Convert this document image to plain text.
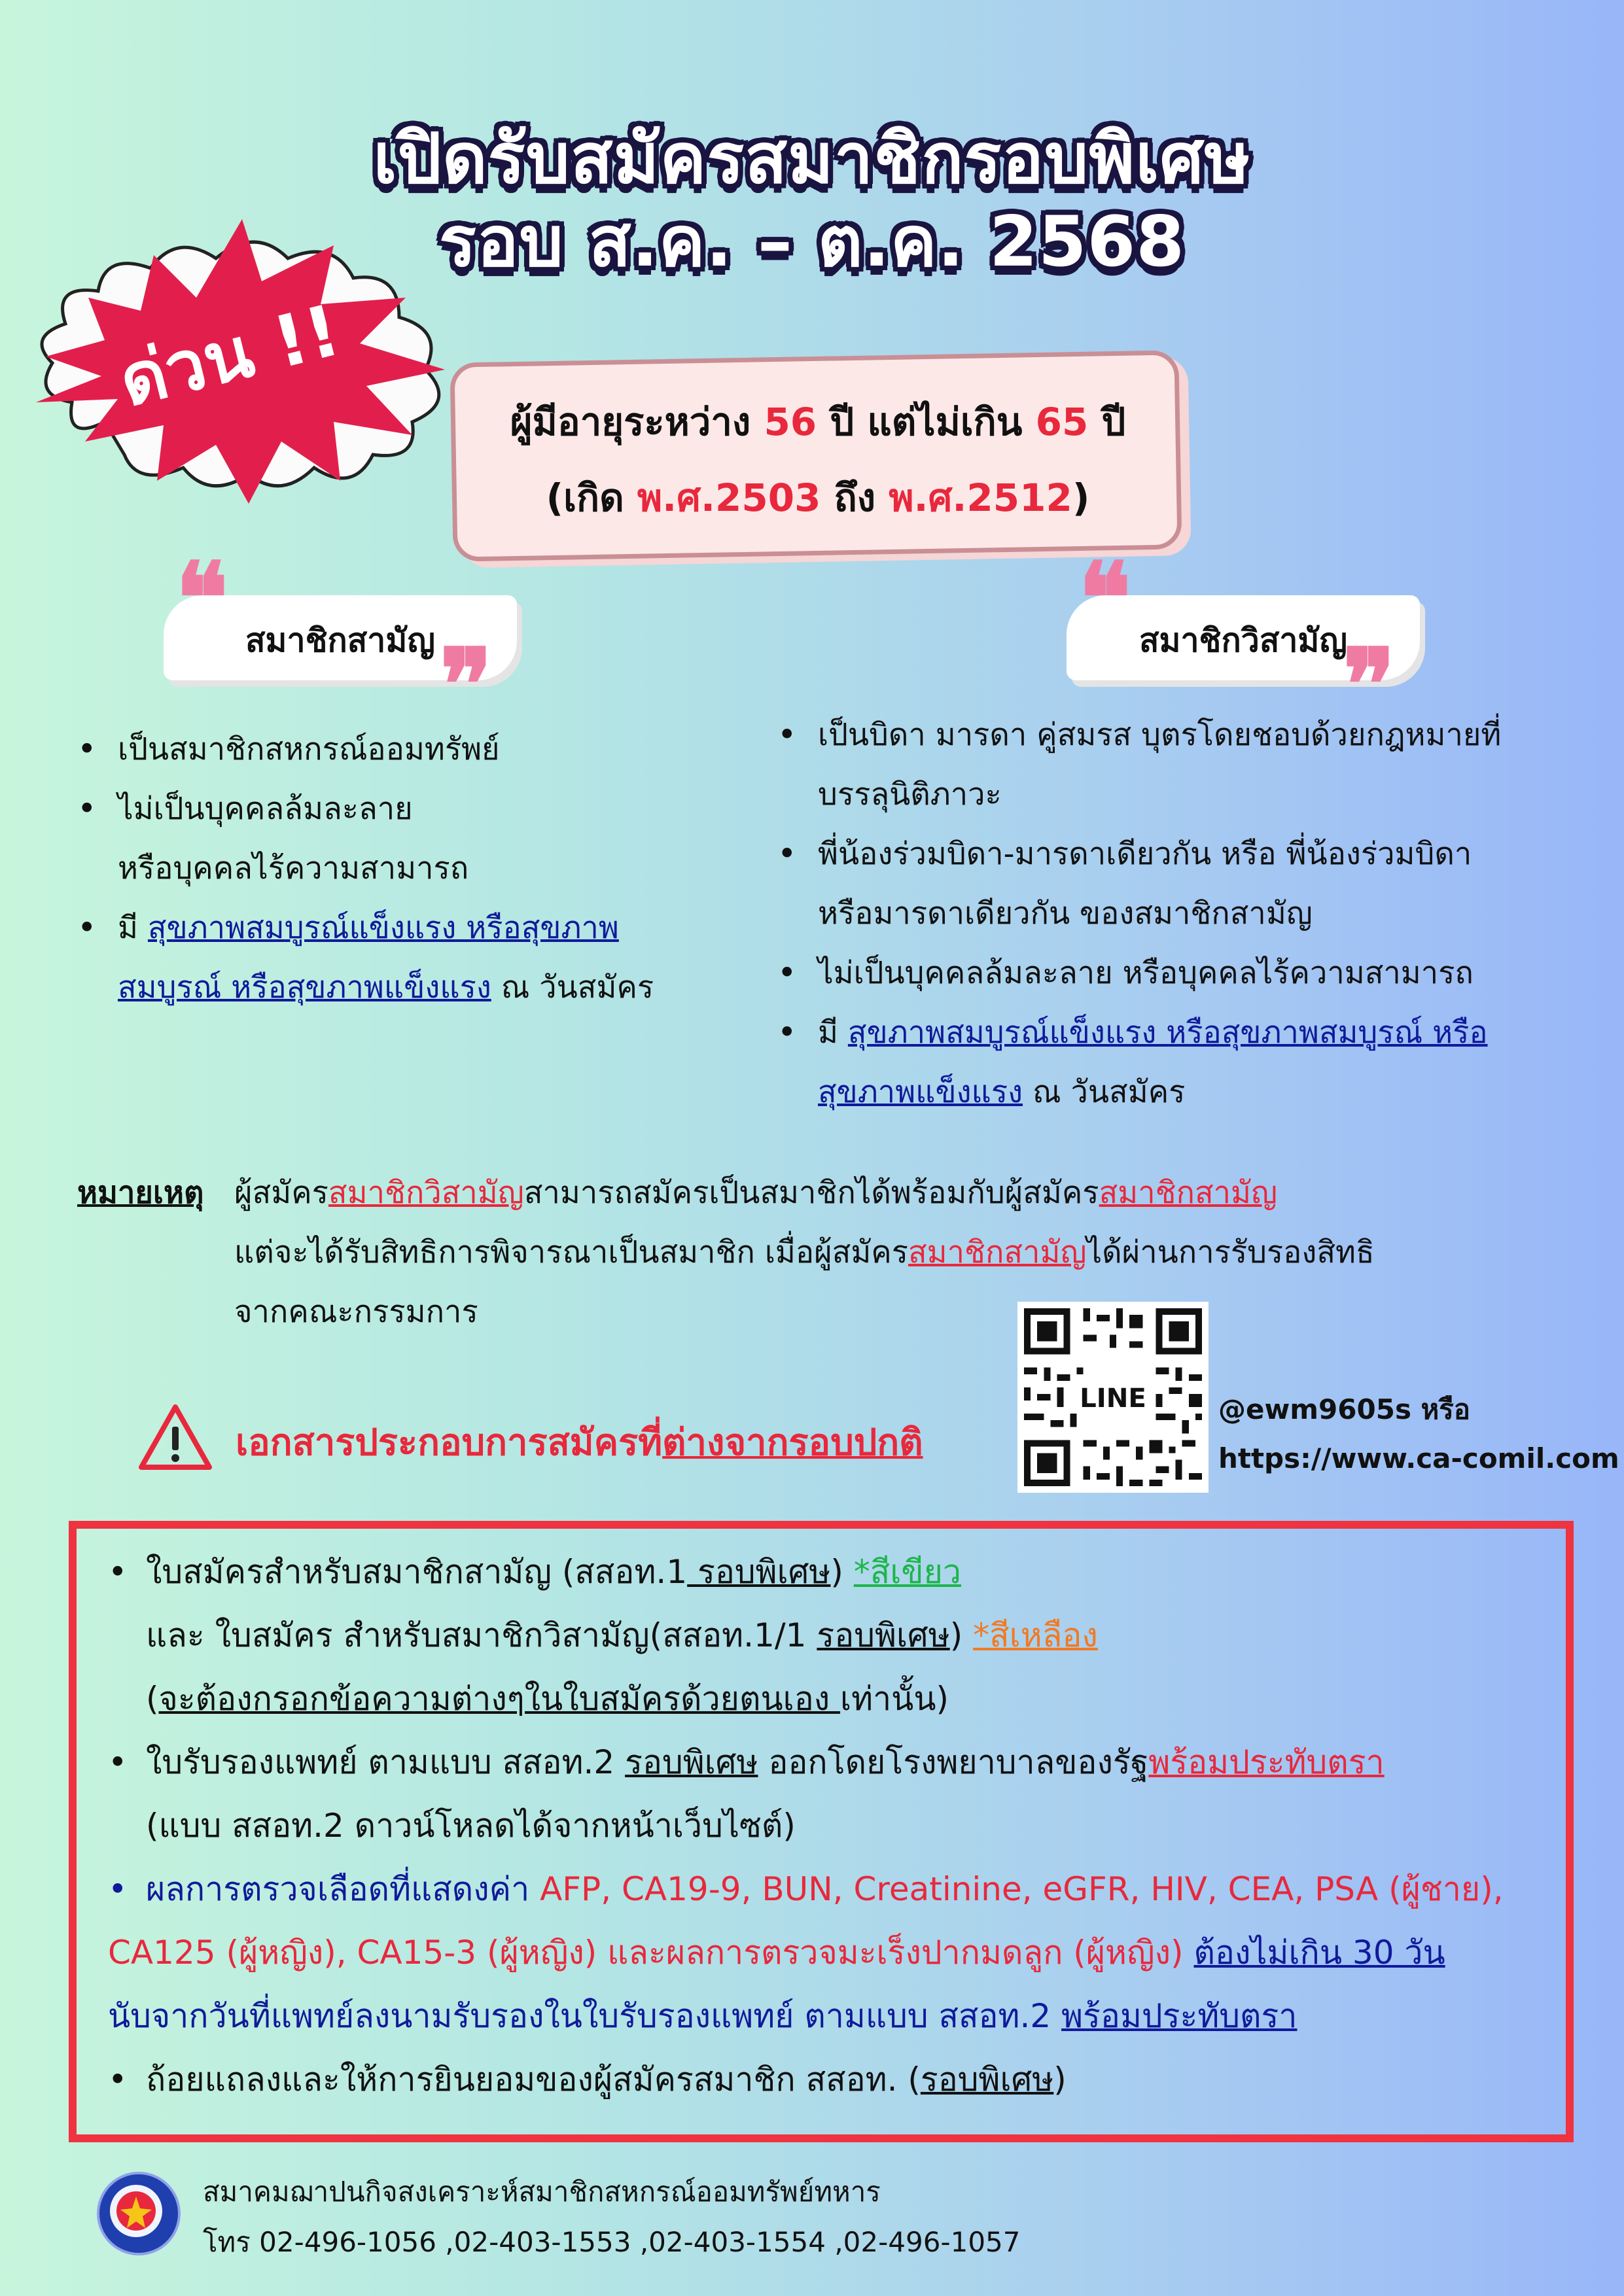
เปิดรับสมัครสมาชิกรอบพิเศษ
รอบ ส.ค. – ต.ค. 2568
ด่วน !!	ผู้มีอายุระหว่าง 56 ปี แต่ไม่เกิน 65 ปี
(เกิด พ.ศ.2503 ถึง พ.ศ.2512)
❝
❞
สมาชิกสามัญ	❝
❞
สมาชิกวิสามัญ
• เป็นสมาชิกสหกรณ์ออมทรัพย์
• ไม่เป็นบุคคลล้มละลาย
หรือบุคคลไร้ความสามารถ
• มี สุขภาพสมบูรณ์แข็งแรง หรือสุขภาพ
สมบูรณ์ หรือสุขภาพแข็งแรง ณ วันสมัคร
• เป็นบิดา มารดา คู่สมรส บุตรโดยชอบด้วยกฎหมายที่
บรรลุนิติภาวะ
• พี่น้องร่วมบิดา-มารดาเดียวกัน หรือ พี่น้องร่วมบิดา
หรือมารดาเดียวกัน ของสมาชิกสามัญ
• ไม่เป็นบุคคลล้มละลาย หรือบุคคลไร้ความสามารถ
• มี สุขภาพสมบูรณ์แข็งแรง หรือสุขภาพสมบูรณ์ หรือ
สุขภาพแข็งแรง ณ วันสมัคร
หมายเหตุ ผู้สมัครสมาชิกวิสามัญสามารถสมัครเป็นสมาชิกได้พร้อมกับผู้สมัครสมาชิกสามัญ
แต่จะได้รับสิทธิการพิจารณาเป็นสมาชิก เมื่อผู้สมัครสมาชิกสามัญได้ผ่านการรับรองสิทธิ
จากคณะกรรมการ
เอกสารประกอบการสมัครที่ต่างจากรอบปกติ
LINE	@ewm9605s หรือ
https://www.ca-comil.com
• ใบสมัครสำหรับสมาชิกสามัญ (สสอท.1 รอบพิเศษ) *สีเขียว
และ ใบสมัคร สำหรับสมาชิกวิสามัญ(สสอท.1/1 รอบพิเศษ) *สีเหลือง
(จะต้องกรอกข้อความต่างๆในใบสมัครด้วยตนเอง เท่านั้น)
• ใบรับรองแพทย์ ตามแบบ สสอท.2 รอบพิเศษ ออกโดยโรงพยาบาลของรัฐพร้อมประทับตรา
(แบบ สสอท.2 ดาวน์โหลดได้จากหน้าเว็บไซต์)
• ผลการตรวจเลือดที่แสดงค่า AFP, CA19-9, BUN, Creatinine, eGFR, HIV, CEA, PSA (ผู้ชาย),
CA125 (ผู้หญิง), CA15-3 (ผู้หญิง) และผลการตรวจมะเร็งปากมดลูก (ผู้หญิง) ต้องไม่เกิน 30 วัน
นับจากวันที่แพทย์ลงนามรับรองในใบรับรองแพทย์ ตามแบบ สสอท.2 พร้อมประทับตรา
• ถ้อยแถลงและให้การยินยอมของผู้สมัครสมาชิก สสอท. (รอบพิเศษ)
สมาคมฌาปนกิจสงเคราะห์สมาชิกสหกรณ์ออมทรัพย์ทหาร
โทร 02-496-1056 ,02-403-1553 ,02-403-1554 ,02-496-1057
